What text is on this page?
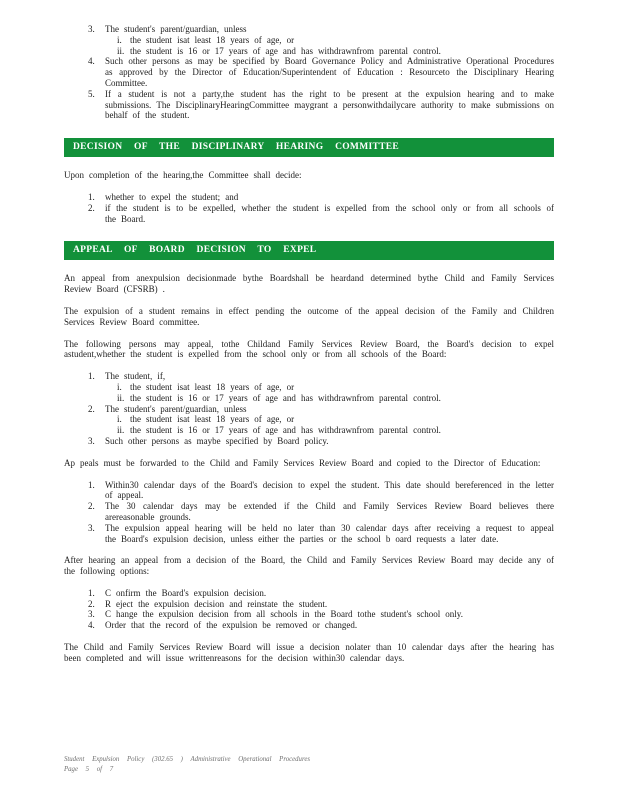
3.	The student's parent/guardian, unless
i. the student isat least 18 years of age, or
ii. the student is 16 or 17 years of age and has withdrawnfrom parental control.
4.	Such other persons as may be specified by Board Governance Policy and Administrative Operational Procedures as approved by the Director of Education/Superintendent of Education : Resourceto the Disciplinary Hearing Committee.
5.	If a student is not a party,the student has the right to be present at the expulsion hearing and to make submissions. The DisciplinaryHearingCommittee maygrant a personwithdailycare authority to make submissions on behalf of the student.
DECISION OF THE DISCIPLINARY HEARING COMMITTEE
Upon completion of the hearing,the Committee shall decide:
1.	whether to expel the student; and
2.	if the student is to be expelled, whether the student is expelled from the school only or from all schools of the Board.
APPEAL OF BOARD DECISION TO EXPEL
An appeal from anexpulsion decisionmade bythe Boardshall be heardand determined bythe Child and Family Services Review Board (CFSRB) .
The expulsion of a student remains in effect pending the outcome of the appeal decision of the Family and Children Services Review Board committee.
The following persons may appeal, tothe Childand Family Services Review Board, the Board's decision to expel astudent,whether the student is expelled from the school only or from all schools of the Board:
1.	The student, if,
i. the student isat least 18 years of age, or
ii. the student is 16 or 17 years of age and has withdrawnfrom parental control.
2.	The student's parent/guardian, unless
i. the student isat least 18 years of age, or
ii. the student is 16 or 17 years of age and has withdrawnfrom parental control.
3.	Such other persons as maybe specified by Board policy.
Ap peals must be forwarded to the Child and Family Services Review Board and copied to the Director of Education:
1.	Within30 calendar days of the Board's decision to expel the student. This date should bereferenced in the letter of appeal.
2.	The 30 calendar days may be extended if the Child and Family Services Review Board believes there arereasonable grounds.
3.	The expulsion appeal hearing will be held no later than 30 calendar days after receiving a request to appeal the Board's expulsion decision, unless either the parties or the school b oard requests a later date.
After hearing an appeal from a decision of the Board, the Child and Family Services Review Board may decide any of the following options:
1.	C onfirm the Board's expulsion decision.
2.	R eject the expulsion decision and reinstate the student.
3.	C hange the expulsion decision from all schools in the Board tothe student's school only.
4.	Order that the record of the expulsion be removed or changed.
The Child and Family Services Review Board will issue a decision nolater than 10 calendar days after the hearing has been completed and will issue writtenreasons for the decision within30 calendar days.
Student Expulsion Policy (302.65 ) Administrative Operational Procedures
Page 5 of 7
